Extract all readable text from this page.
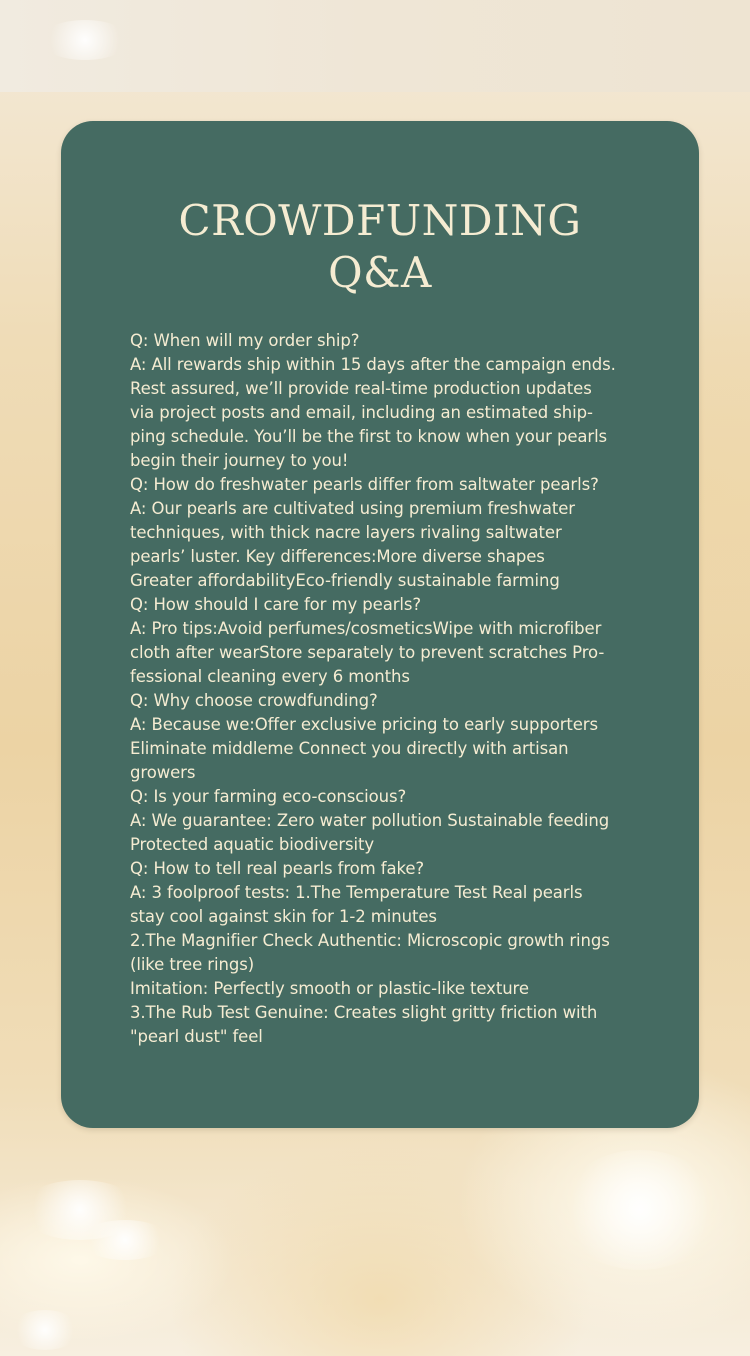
CROWDFUNDING
Q&A

Q: When will my order ship?

A: All rewards ship within 15 days after the campaign ends.

Rest assured, we’ll provide real-time production updates

via project posts and email, including an estimated ship-

ping schedule. You’ll be the first to know when your pearls

begin their journey to you!

Q: How do freshwater pearls differ from saltwater pearls?

A: Our pearls are cultivated using premium freshwater

techniques, with thick nacre layers rivaling saltwater

pearls’ luster. Key differences:More diverse shapes

Greater affordabilityEco-friendly sustainable farming

Q: How should I care for my pearls?

A: Pro tips:Avoid perfumes/cosmeticsWipe with microfiber

cloth after wearStore separately to prevent scratches Pro-

fessional cleaning every 6 months

Q: Why choose crowdfunding?

A: Because we:Offer exclusive pricing to early supporters

Eliminate middleme Connect you directly with artisan

growers

Q: Is your farming eco-conscious?

A: We guarantee: Zero water pollution Sustainable feeding

Protected aquatic biodiversity

Q: How to tell real pearls from fake?

A: 3 foolproof tests: 1.The Temperature Test Real pearls

stay cool against skin for 1-2 minutes

2.The Magnifier Check Authentic: Microscopic growth rings

(like tree rings)

Imitation: Perfectly smooth or plastic-like texture

3.The Rub Test Genuine: Creates slight gritty friction with

"pearl dust" feel
